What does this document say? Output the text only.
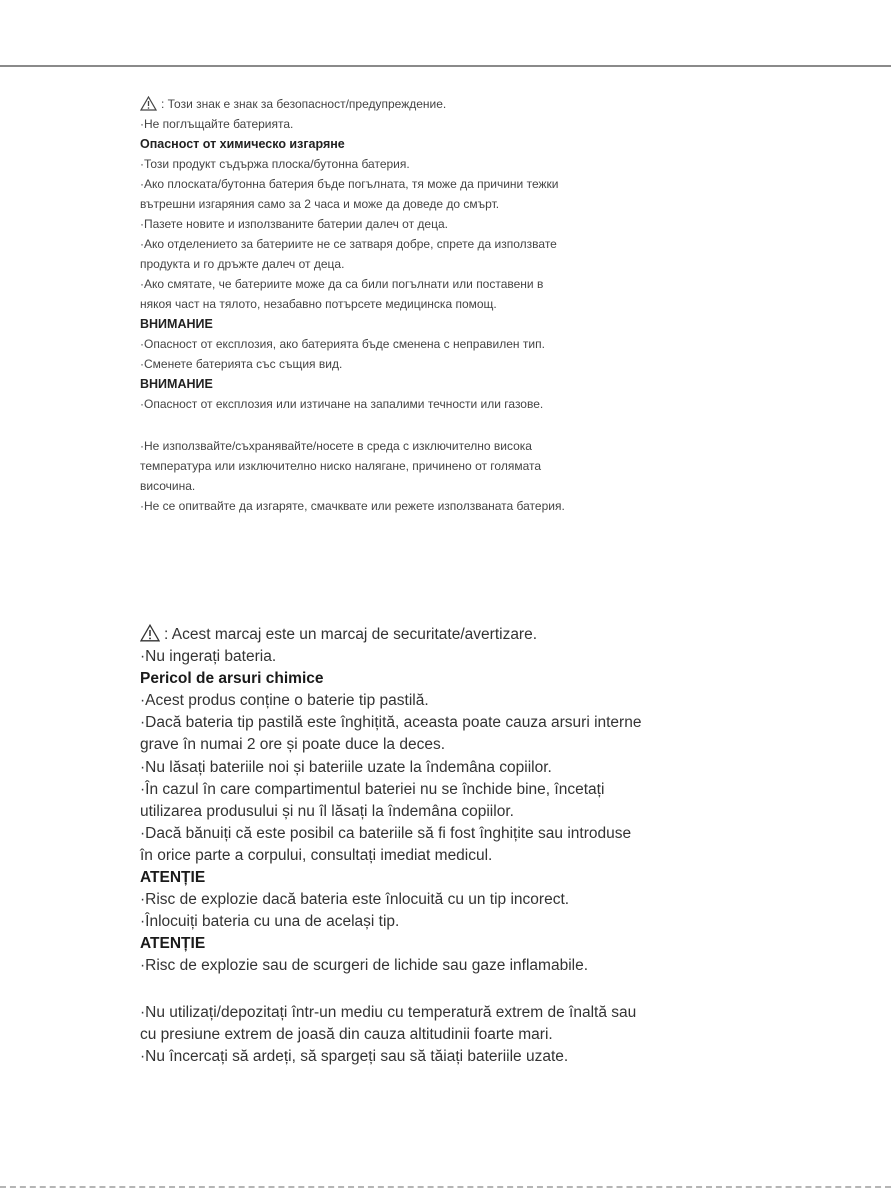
: Този знак е знак за безопасност/предупреждение.

·Не поглъщайте батерията.

Опасност от химическо изгаряне

·Този продукт съдържа плоска/бутонна батерия.

·Ако плоската/бутонна батерия бъде погълната, тя може да причини тежки

вътрешни изгаряния само за 2 часа и може да доведе до смърт.

·Пазете новите и използваните батерии далеч от деца.

·Ако отделението за батериите не се затваря добре, спрете да използвате

продукта и го дръжте далеч от деца.

·Ако смятате, че батериите може да са били погълнати или поставени в

някоя част на тялото, незабавно потърсете медицинска помощ.

ВНИМАНИЕ

·Опасност от експлозия, ако батерията бъде сменена с неправилен тип.

·Сменете батерията със същия вид.

ВНИМАНИЕ

·Опасност от експлозия или изтичане на запалими течности или газове.

·Не използвайте/съхранявайте/носете в среда с изключително висока

температура или изключително ниско налягане, причинено от голямата

височина.

·Не се опитвайте да изгаряте, смачквате или режете използваната батерия.

: Acest marcaj este un marcaj de securitate/avertizare.

·Nu ingerați bateria.

Pericol de arsuri chimice

·Acest produs conține o baterie tip pastilă.

·Dacă bateria tip pastilă este înghițită, aceasta poate cauza arsuri interne

grave în numai 2 ore și poate duce la deces.

·Nu lăsați bateriile noi și bateriile uzate la îndemâna copiilor.

·În cazul în care compartimentul bateriei nu se închide bine, încetați

utilizarea produsului și nu îl lăsați la îndemâna copiilor.

·Dacă bănuiți că este posibil ca bateriile să fi fost înghițite sau introduse

în orice parte a corpului, consultați imediat medicul.

ATENȚIE

·Risc de explozie dacă bateria este înlocuită cu un tip incorect.

·Înlocuiți bateria cu una de același tip.

ATENȚIE

·Risc de explozie sau de scurgeri de lichide sau gaze inflamabile.

·Nu utilizați/depozitați într-un mediu cu temperatură extrem de înaltă sau

cu presiune extrem de joasă din cauza altitudinii foarte mari.

·Nu încercați să ardeți, să spargeți sau să tăiați bateriile uzate.
